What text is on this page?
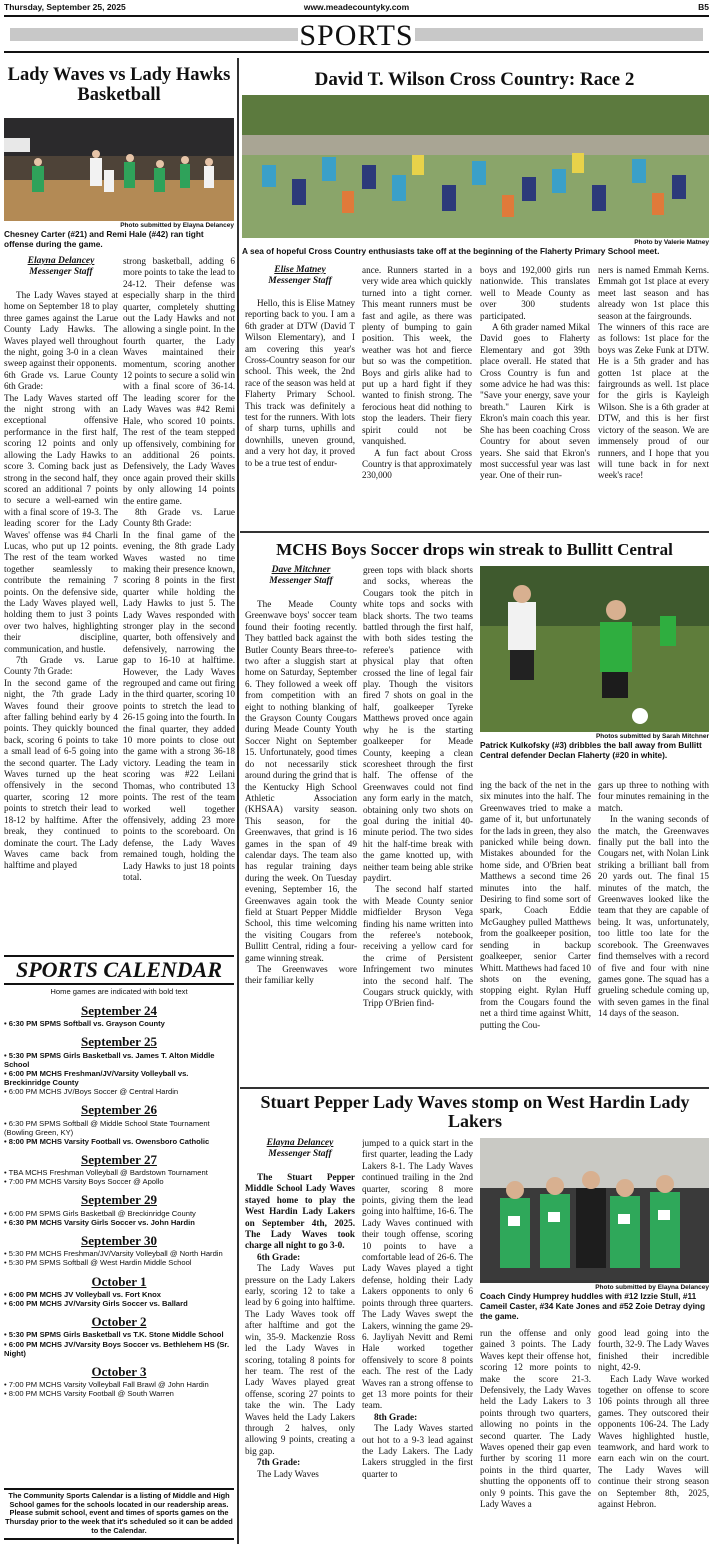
Thursday, September 25, 2025	www.meadecountyky.com	B5
SPORTS
Lady Waves vs Lady Hawks Basketball
Photo submitted by Elayna Delancey
Chesney Carter (#21) and Remi Hale (#42) ran tight offense during the game.
Elayna Delancey
Messenger Staff

The Lady Waves stayed at home on September 18 to play three games against the Larue County Lady Hawks. The Waves played well throughout the night, going 3-0 in a clean sweep against their opponents.

6th Grade vs. Larue County 6th Grade:

The Lady Waves started off the night strong with an exceptional offensive performance in the first half, scoring 12 points and only allowing the Lady Hawks to score 3. Coming back just as strong in the second half, they scored an additional 7 points to secure a well-earned win with a final score of 19-3. The leading scorer for the Lady Waves' offense was #4 Charli Lucas, who put up 12 points. The rest of the team worked together seamlessly to contribute the remaining 7 points. On the defensive side, the Lady Waves played well, holding them to just 3 points over two halves, highlighting their discipline, communication, and hustle.

7th Grade vs. Larue County 7th Grade:

In the second game of the night, the 7th grade Lady Waves found their groove after falling behind early by 4 points. They quickly bounced back, scoring 6 points to take a small lead of 6-5 going into the second quarter. The Lady Waves turned up the heat offensively in the second quarter, scoring 12 more points to stretch their lead to 18-12 by halftime. After the break, they continued to dominate the court. The Lady Waves came back from halftime and played

strong basketball, adding 6 more points to take the lead to 24-12. Their defense was especially sharp in the third quarter, completely shutting out the Lady Hawks and not allowing a single point. In the fourth quarter, the Lady Waves maintained their momentum, scoring another 12 points to secure a solid win with a final score of 36-14. The leading scorer for the Lady Waves was #42 Remi Hale, who scored 10 points. The rest of the team stepped up offensively, combining for an additional 26 points. Defensively, the Lady Waves once again proved their skills by only allowing 14 points the entire game.

8th Grade vs. Larue County 8th Grade:

In the final game of the evening, the 8th grade Lady Waves wasted no time making their presence known, scoring 8 points in the first quarter while holding the Lady Hawks to just 5. The Lady Waves responded with stronger play in the second quarter, both offensively and defensively, narrowing the gap to 16-10 at halftime. However, the Lady Waves regrouped and came out firing in the third quarter, scoring 10 points to stretch the lead to 26-15 going into the fourth. In the final quarter, they added 10 more points to close out the game with a strong 36-18 victory. Leading the team in scoring was #22 Leilani Thomas, who contributed 13 points. The rest of the team worked well together offensively, adding 23 more points to the scoreboard. On defense, the Lady Waves remained tough, holding the Lady Hawks to just 18 points total.

SPORTS CALENDAR
Home games are indicated with bold text
September 24
• 6:30 PM SPMS Softball vs. Grayson County
September 25
• 5:30 PM SPMS Girls Basketball vs. James T. Alton Middle School
• 6:00 PM MCHS Freshman/JV/Varsity Volleyball vs. Breckinridge County
• 6:00 PM MCHS JV/Boys Soccer @ Central Hardin
September 26
• 6:30 PM SPMS Softball @ Middle School State Tournament (Bowling Green, KY)
• 8:00 PM MCHS Varsity Football vs. Owensboro Catholic
September 27
• TBA MCHS Freshman Volleyball @ Bardstown Tournament
• 7:00 PM MCHS Varsity Boys Soccer @ Apollo
September 29
• 6:00 PM SPMS Girls Basketball @ Breckinridge County
• 6:30 PM MCHS Varsity Girls Soccer vs. John Hardin
September 30
• 5:30 PM MCHS Freshman/JV/Varsity Volleyball @ North Hardin
• 5:30 PM SPMS Softball @ West Hardin Middle School
October 1
• 6:00 PM MCHS JV Volleyball vs. Fort Knox
• 6:00 PM MCHS JV/Varsity Girls Soccer vs. Ballard
October 2
• 5:30 PM SPMS Girls Basketball vs T.K. Stone Middle School
• 6:00 PM MCHS JV/Varsity Boys Soccer vs. Bethlehem HS (Sr. Night)
October 3
• 7:00 PM MCHS Varsity Volleyball Fall Brawl @ John Hardin
• 8:00 PM MCHS Varsity Football @ South Warren
The Community Sports Calendar is a listing of Middle and High School games for the schools located in our readership areas. Please submit school, event and times of sports games on the Thursday prior to the week that it's scheduled so it can be added to the Calendar.
David T. Wilson Cross Country: Race 2
Photo by Valerie Matney
A sea of hopeful Cross Country enthusiasts take off at the beginning of the Flaherty Primary School meet.
Elise Matney
Messenger Staff

Hello, this is Elise Matney reporting back to you. I am a 6th grader at DTW (David T Wilson Elementary), and I am covering this year's Cross-Country season for our school. This week, the 2nd race of the season was held at Flaherty Primary School. This track was definitely a test for the runners. With lots of sharp turns, uphills and downhills, uneven ground, and a very hot day, it proved to be a true test of endur-

ance. Runners started in a very wide area which quickly turned into a tight corner. This meant runners must be fast and agile, as there was plenty of bumping to gain position. This week, the weather was hot and fierce but so was the competition. Boys and girls alike had to put up a hard fight if they wanted to finish strong. The ferocious heat did nothing to stop the leaders. Their fiery spirit could not be vanquished.

A fun fact about Cross Country is that approximately 230,000

boys and 192,000 girls run nationwide. This translates well to Meade County as over 300 students participated.

A 6th grader named Mikal David goes to Flaherty Elementary and got 39th place overall. He stated that Cross Country is fun and some advice he had was this: "Save your energy, save your breath." Lauren Kirk is Ekron's main coach this year. She has been coaching Cross Country for about seven years. She said that Ekron's most successful year was last year. One of their run-

ners is named Emmah Kerns. Emmah got 1st place at every meet last season and has already won 1st place this season at the fairgrounds.

The winners of this race are as follows: 1st place for the boys was Zeke Funk at DTW. He is a 5th grader and has gotten 1st place at the fairgrounds as well. 1st place for the girls is Kayleigh Wilson. She is a 6th grader at DTW, and this is her first victory of the season. We are immensely proud of our runners, and I hope that you will tune back in for next week's race!

MCHS Boys Soccer drops win streak to Bullitt Central
Dave Mitchner
Messenger Staff

The Meade County Greenwave boys' soccer team found their footing recently. They battled back against the Butler County Bears three-to-two after a sluggish start at home on Saturday, September 6. They followed a week off from competition with an eight to nothing blanking of the Grayson County Cougars during Meade County Youth Soccer Night on September 15. Unfortunately, good times do not necessarily stick around during the grind that is the Kentucky High School Athletic Association (KHSAA) varsity season. This season, for the Greenwaves, that grind is 16 games in the span of 49 calendar days. The team also has regular training days during the week. On Tuesday evening, September 16, the Greenwaves again took the field at Stuart Pepper Middle School, this time welcoming the visiting Cougars from Bullitt Central, riding a four-game winning streak.

The Greenwaves wore their familiar kelly

green tops with black shorts and socks, whereas the Cougars took the pitch in white tops and socks with black shorts. The two teams battled through the first half, with both sides testing the referee's patience with physical play that often crossed the line of legal fair play. Though the visitors fired 7 shots on goal in the half, goalkeeper Tyreke Matthews proved once again why he is the starting goalkeeper for Meade County, keeping a clean scoresheet through the first half. The offense of the Greenwaves could not find any form early in the match, obtaining only two shots on goal during the initial 40-minute period. The two sides hit the half-time break with the game knotted up, with neither team being able strike paydirt.

The second half started with Meade County senior midfielder Bryson Vega finding his name written into the referee's notebook, receiving a yellow card for the crime of Persistent Infringement two minutes into the second half. The Cougars struck quickly, with Tripp O'Brien find-

Photos submitted by Sarah Mitchner
Patrick Kulkofsky (#3) dribbles the ball away from Bullitt Central defender Declan Flaherty (#20 in white).

ing the back of the net in the six minutes into the half. The Greenwaves tried to make a game of it, but unfortunately for the lads in green, they also panicked while being down. Mistakes abounded for the home side, and O'Brien beat Matthews a second time 26 minutes into the half. Desiring to find some sort of spark, Coach Eddie McGaughey pulled Matthews from the goalkeeper position, sending in backup goalkeeper, senior Carter Whitt. Matthews had faced 10 shots on the evening, stopping eight. Rylan Huff from the Cougars found the net a third time against Whitt, putting the Cou-

gars up three to nothing with four minutes remaining in the match.

In the waning seconds of the match, the Greenwaves finally put the ball into the Cougars net, with Nolan Link striking a brilliant ball from 20 yards out. The final 15 minutes of the match, the Greenwaves looked like the team that they are capable of being. It was, unfortunately, too little too late for the scorebook. The Greenwaves find themselves with a record of five and four with nine games gone. The squad has a grueling schedule coming up, with seven games in the final 14 days of the season.

Stuart Pepper Lady Waves stomp on West Hardin Lady Lakers
Elayna Delancey
Messenger Staff

The Stuart Pepper Middle School Lady Waves stayed home to play the West Hardin Lady Lakers on September 4th, 2025. The Lady Waves took charge all night to go 3-0.

6th Grade:

The Lady Waves put pressure on the Lady Lakers early, scoring 12 to take a lead by 6 going into halftime. The Lady Waves took off after halftime and got the win, 35-9. Mackenzie Ross led the Lady Waves in scoring, totaling 8 points for her team. The rest of the Lady Waves played great offense, scoring 27 points to take the win. The Lady Waves held the Lady Lakers through 2 halves, only allowing 9 points, creating a big gap.

7th Grade:

The Lady Waves

jumped to a quick start in the first quarter, leading the Lady Lakers 8-1. The Lady Waves continued trailing in the 2nd quarter, scoring 8 more points, giving them the lead going into halftime, 16-6. The Lady Waves continued with their tough offense, scoring 10 points to have a comfortable lead of 26-6. The Lady Waves played a tight defense, holding their Lady Lakers opponents to only 6 points through three quarters. The Lady Waves swept the Lakers, winning the game 29-6. Jayliyah Nevitt and Remi Hale worked together offensively to score 8 points each. The rest of the Lady Waves ran a strong offense to get 13 more points for their team.

8th Grade:

The Lady Waves started out hot to a 9-3 lead against the Lady Lakers. The Lady Lakers struggled in the first quarter to

Photo submitted by Elayna Delancey
Coach Cindy Humprey huddles with #12 Izzie Stull, #11 Cameil Caster, #34 Kate Jones and #52 Zoie Detray dying the game.

run the offense and only gained 3 points. The Lady Waves kept their offense hot, scoring 12 more points to make the score 21-3. Defensively, the Lady Waves held the Lady Lakers to 3 points through two quarters, allowing no points in the second quarter. The Lady Waves opened their gap even further by scoring 11 more points in the third quarter, shutting the opponents off to only 9 points. This gave the Lady Waves a

good lead going into the fourth, 32-9. The Lady Waves finished their incredible night, 42-9.

Each Lady Wave worked together on offense to score 106 points through all three games. They outscored their opponents 106-24. The Lady Waves highlighted hustle, teamwork, and hard work to earn each win on the court. The Lady Waves will continue their strong season on September 8th, 2025, against Hebron.
